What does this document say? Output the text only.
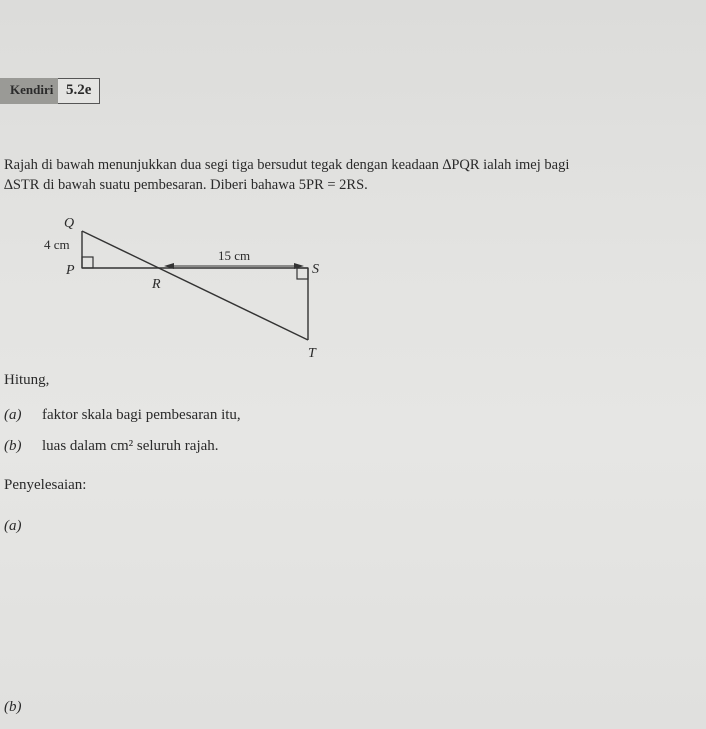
Kendiri 5.2e
Rajah di bawah menunjukkan dua segi tiga bersudut tegak dengan keadaan ∆PQR ialah imej bagi
∆STR di bawah suatu pembesaran. Diberi bahawa 5PR = 2RS.
Q
4 cm
P
R
15 cm
S
T
Hitung,
(a)	faktor skala bagi pembesaran itu,
(b)	luas dalam cm² seluruh rajah.
Penyelesaian:
(a)
(b)
